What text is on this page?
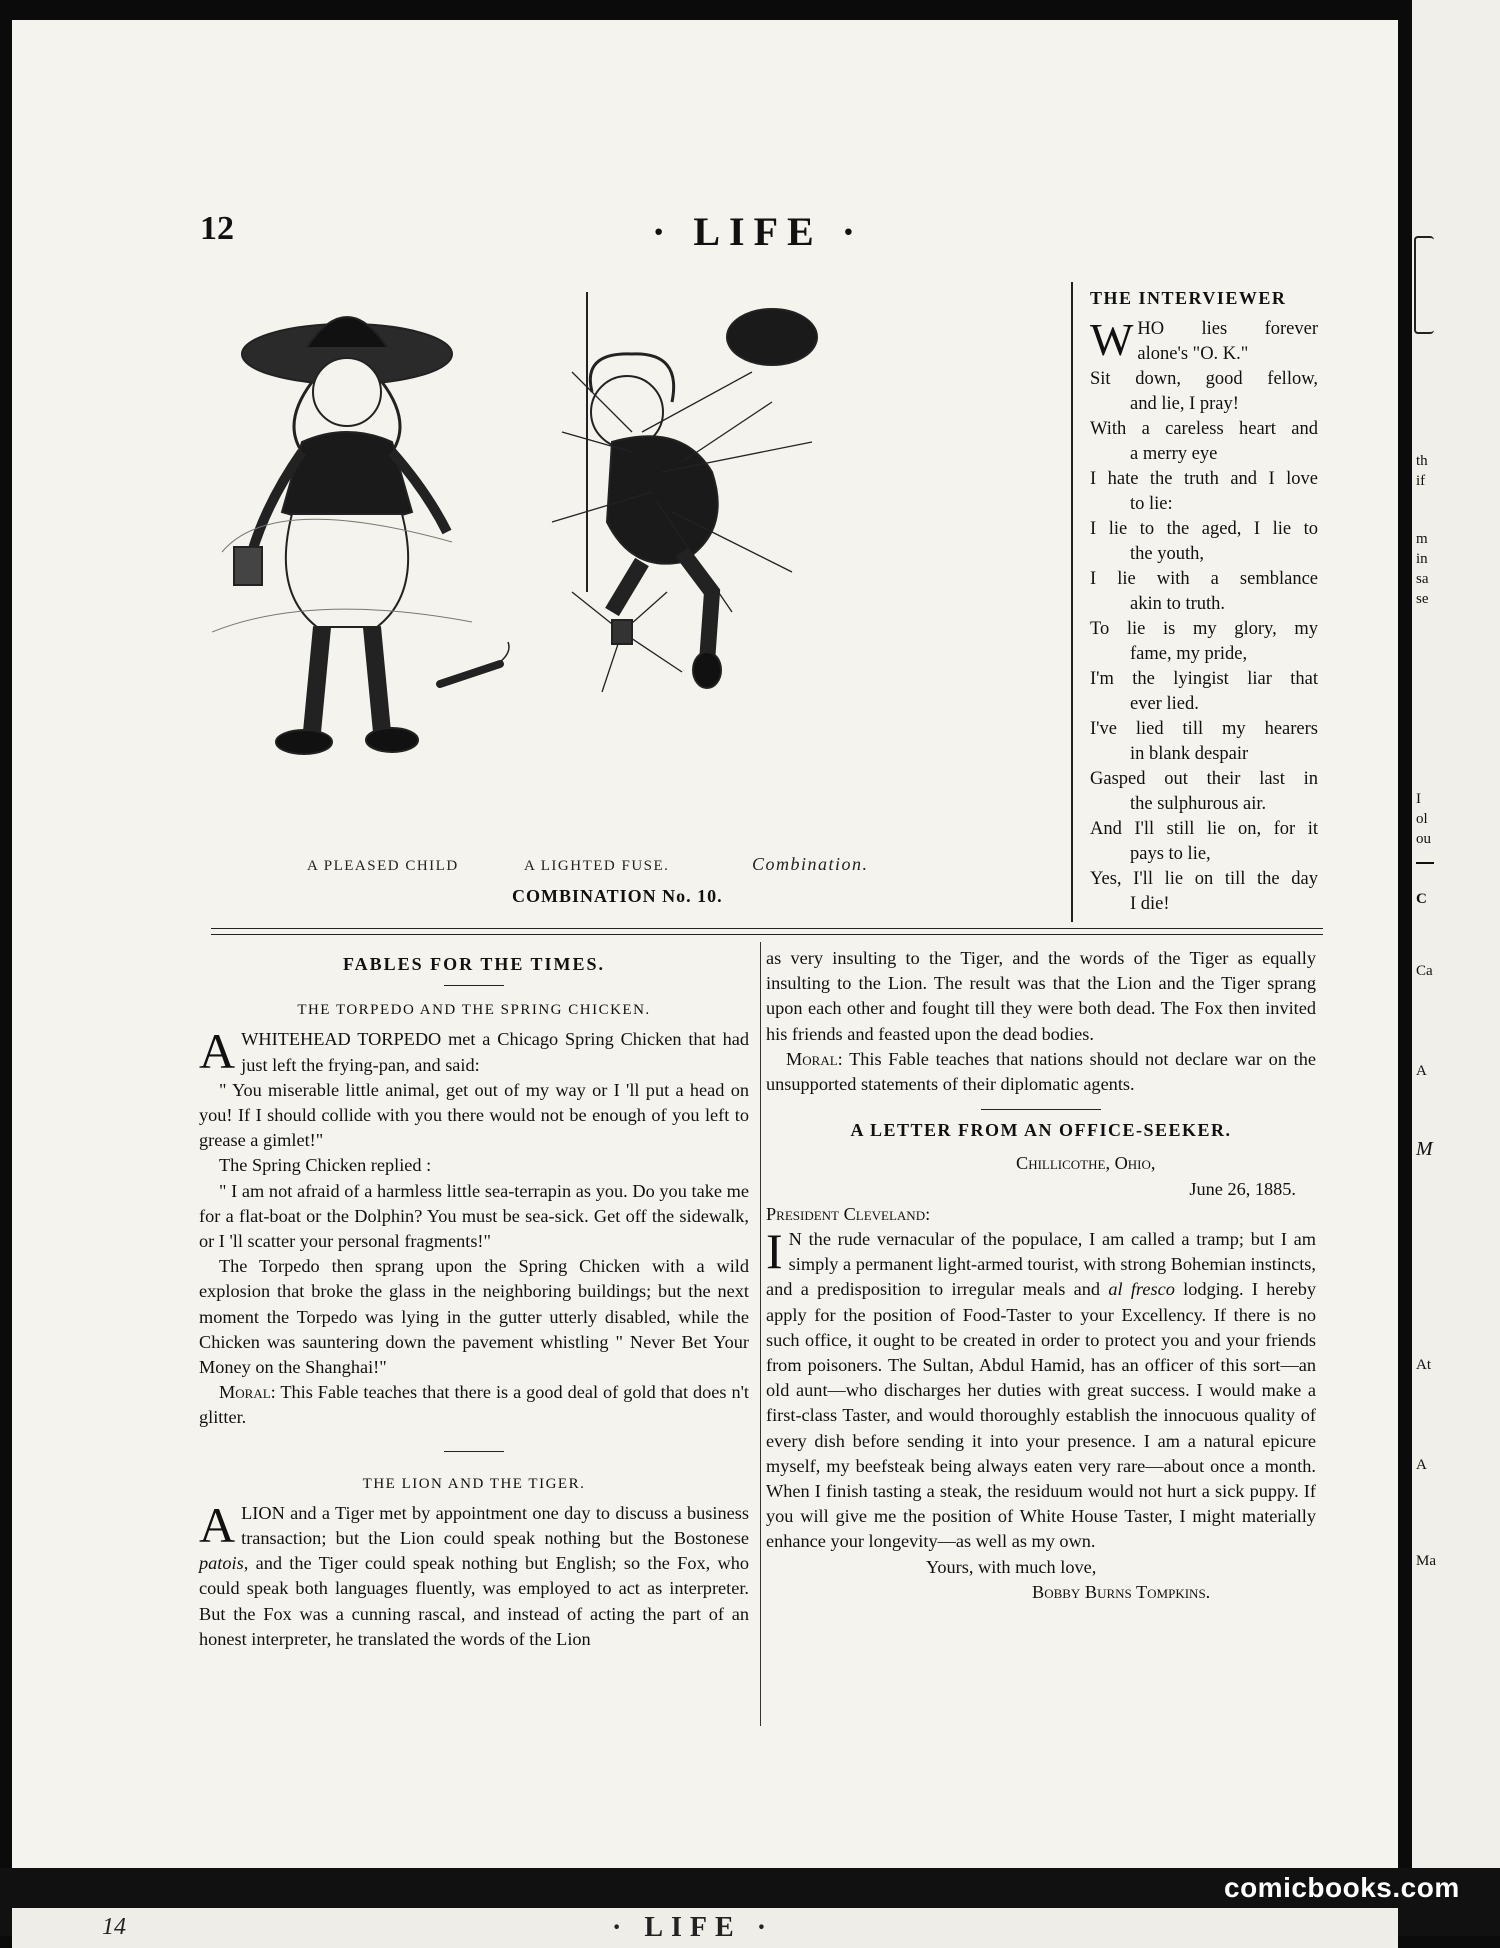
12	· LIFE ·
A PLEASED CHILD	A LIGHTED FUSE.	Combination.
COMBINATION No. 10.
THE INTERVIEWER
WHO lies forever
alone's "O. K."
Sit down, good fellow,
and lie, I pray!
With a careless heart and
a merry eye
I hate the truth and I love
to lie:
I lie to the aged, I lie to
the youth,
I lie with a semblance
akin to truth.
To lie is my glory, my
fame, my pride,
I'm the lyingist liar that
ever lied.
I've lied till my hearers
in blank despair
Gasped out their last in
the sulphurous air.
And I'll still lie on, for it
pays to lie,
Yes, I'll lie on till the day
I die!
FABLES FOR THE TIMES.
THE TORPEDO AND THE SPRING CHICKEN.

AWHITEHEAD TORPEDO met a Chicago Spring Chicken that had just left the frying-pan, and said:

" You miserable little animal, get out of my way or I 'll put a head on you! If I should collide with you there would not be enough of you left to grease a gimlet!"

The Spring Chicken replied :

" I am not afraid of a harmless little sea-terrapin as you. Do you take me for a flat-boat or the Dolphin? You must be sea-sick. Get off the sidewalk, or I 'll scatter your personal fragments!"

The Torpedo then sprang upon the Spring Chicken with a wild explosion that broke the glass in the neighboring buildings; but the next moment the Torpedo was lying in the gutter utterly disabled, while the Chicken was sauntering down the pavement whistling " Never Bet Your Money on the Shanghai!"

Moral: This Fable teaches that there is a good deal of gold that does n't glitter.

THE LION AND THE TIGER.

ALION and a Tiger met by appointment one day to discuss a business transaction; but the Lion could speak nothing but the Bostonese patois, and the Tiger could speak nothing but English; so the Fox, who could speak both languages fluently, was employed to act as interpreter. But the Fox was a cunning rascal, and instead of acting the part of an honest interpreter, he translated the words of the Lion

as very insulting to the Tiger, and the words of the Tiger as equally insulting to the Lion. The result was that the Lion and the Tiger sprang upon each other and fought till they were both dead. The Fox then invited his friends and feasted upon the dead bodies.

Moral: This Fable teaches that nations should not declare war on the unsupported statements of their diplomatic agents.

A LETTER FROM AN OFFICE-SEEKER.

Chillicothe, Ohio,

June 26, 1885.

President Cleveland:

I N the rude vernacular of the populace, I am called a tramp; but I am simply a permanent light-armed tourist, with strong Bohemian instincts, and a predisposition to irregular meals and al fresco lodging. I hereby apply for the position of Food-Taster to your Excellency. If there is no such office, it ought to be created in order to protect you and your friends from poisoners. The Sultan, Abdul Hamid, has an officer of this sort—an old aunt—who discharges her duties with great success. I would make a first-class Taster, and would thoroughly establish the innocuous quality of every dish before sending it into your presence. I am a natural epicure myself, my beefsteak being always eaten very rare—about once a month. When I finish tasting a steak, the residuum would not hurt a sick puppy. If you will give me the position of White House Taster, I might materially enhance your longevity—as well as my own.

Yours, with much love,

Bobby Burns Tompkins.

th
if
m
in
sa
se
I
ol
ou
C
Ca
A
M
At
A
Ma
14	· LIFE ·
comicbooks.com
